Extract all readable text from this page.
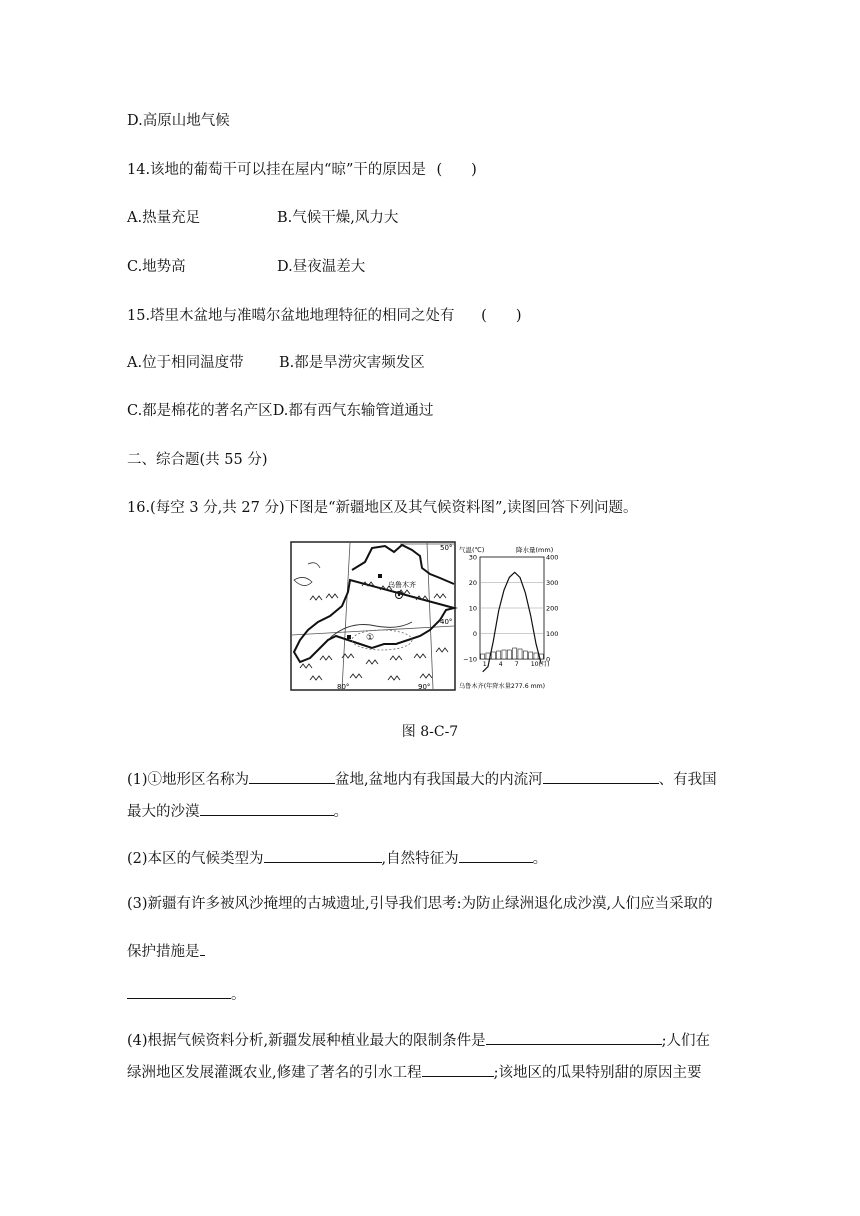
D.高原山地气候
14.该地的葡萄干可以挂在屋内“晾”干的原因是 (　　)
A.热量充足	B.气候干燥,风力大
C.地势高	D.昼夜温差大
15.塔里木盆地与准噶尔盆地地理特征的相同之处有 (　　)
A.位于相同温度带 B.都是旱涝灾害频发区
C.都是棉花的著名产区D.都有西气东输管道通过
二、综合题(共 55 分)
16.(每空 3 分,共 27 分)下图是“新疆地区及其气候资料图”,读图回答下列问题。
50°
40°
80°	90°
乌鲁木齐
①
气温(℃)	降水量(mm)
30	400
20	300
10	200
0	100
−10	0
1 4 7 10(月)
乌鲁木齐(年降水量277.6 mm)
图 8-C-7
(1)①地形区名称为	盆地,盆地内有我国最大的内流河	、有我国
最大的沙漠	。
(2)本区的气候类型为	,自然特征为	。
(3)新疆有许多被风沙掩埋的古城遗址,引导我们思考:为防止绿洲退化成沙漠,人们应当采取的
保护措施是
。
(4)根据气候资料分析,新疆发展种植业最大的限制条件是	;人们在
绿洲地区发展灌溉农业,修建了著名的引水工程	;该地区的瓜果特别甜的原因主要
